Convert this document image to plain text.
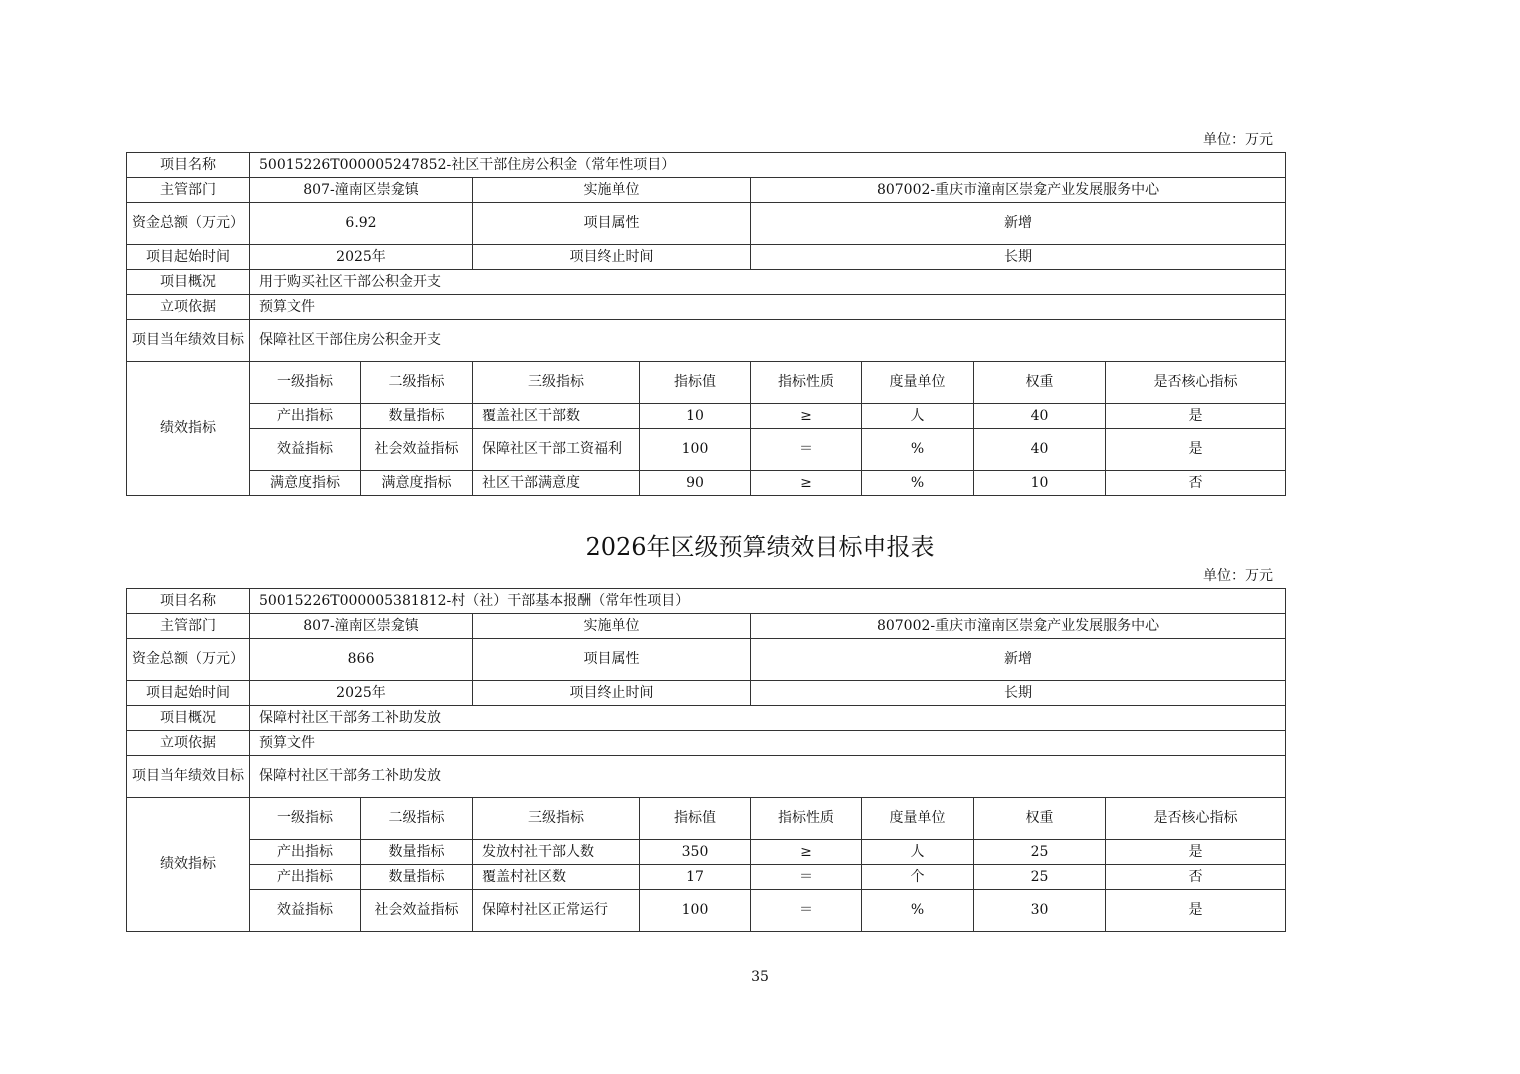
单位：万元
项目名称	50015226T000005247852-社区干部住房公积金（常年性项目）							
主管部门	807-潼南区崇龛镇		实施单位		807002-重庆市潼南区崇龛产业发展服务中心			
资金总额（万元）	6.92		项目属性		新增			
项目起始时间	2025年		项目终止时间		长期			
项目概况	用于购买社区干部公积金开支							
立项依据	预算文件							
项目当年绩效目标	保障社区干部住房公积金开支							
绩效指标	一级指标	二级指标	三级指标	指标值	指标性质	度量单位	权重	是否核心指标
	产出指标	数量指标	覆盖社区干部数	10	≥	人	40	是
	效益指标	社会效益指标	保障社区干部工资福利	100	＝	%	40	是
	满意度指标	满意度指标	社区干部满意度	90	≥	%	10	否
2026年区级预算绩效目标申报表
单位：万元
项目名称	50015226T000005381812-村（社）干部基本报酬（常年性项目）							
主管部门	807-潼南区崇龛镇		实施单位		807002-重庆市潼南区崇龛产业发展服务中心			
资金总额（万元）	866		项目属性		新增			
项目起始时间	2025年		项目终止时间		长期			
项目概况	保障村社区干部务工补助发放							
立项依据	预算文件							
项目当年绩效目标	保障村社区干部务工补助发放							
绩效指标	一级指标	二级指标	三级指标	指标值	指标性质	度量单位	权重	是否核心指标
	产出指标	数量指标	发放村社干部人数	350	≥	人	25	是
	产出指标	数量指标	覆盖村社区数	17	＝	个	25	否
	效益指标	社会效益指标	保障村社区正常运行	100	＝	%	30	是
35
